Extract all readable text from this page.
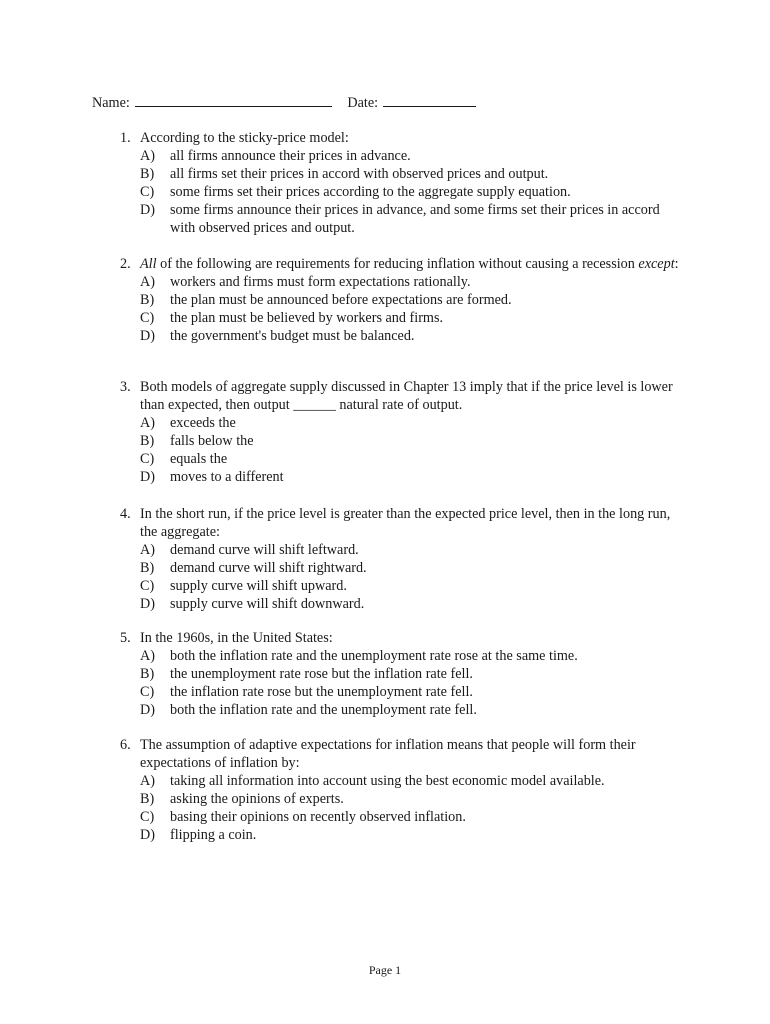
Name:	Date:
1. According to the sticky-price model:
A) all firms announce their prices in advance.
B) all firms set their prices in accord with observed prices and output.
C) some firms set their prices according to the aggregate supply equation.
D) some firms announce their prices in advance, and some firms set their prices in accord with observed prices and output.
2. All of the following are requirements for reducing inflation without causing a recession except:
A) workers and firms must form expectations rationally.
B) the plan must be announced before expectations are formed.
C) the plan must be believed by workers and firms.
D) the government's budget must be balanced.
3. Both models of aggregate supply discussed in Chapter 13 imply that if the price level is lower than expected, then output ______ natural rate of output.
A) exceeds the
B) falls below the
C) equals the
D) moves to a different
4. In the short run, if the price level is greater than the expected price level, then in the long run, the aggregate:
A) demand curve will shift leftward.
B) demand curve will shift rightward.
C) supply curve will shift upward.
D) supply curve will shift downward.
5. In the 1960s, in the United States:
A) both the inflation rate and the unemployment rate rose at the same time.
B) the unemployment rate rose but the inflation rate fell.
C) the inflation rate rose but the unemployment rate fell.
D) both the inflation rate and the unemployment rate fell.
6. The assumption of adaptive expectations for inflation means that people will form their expectations of inflation by:
A) taking all information into account using the best economic model available.
B) asking the opinions of experts.
C) basing their opinions on recently observed inflation.
D) flipping a coin.
Page 1
